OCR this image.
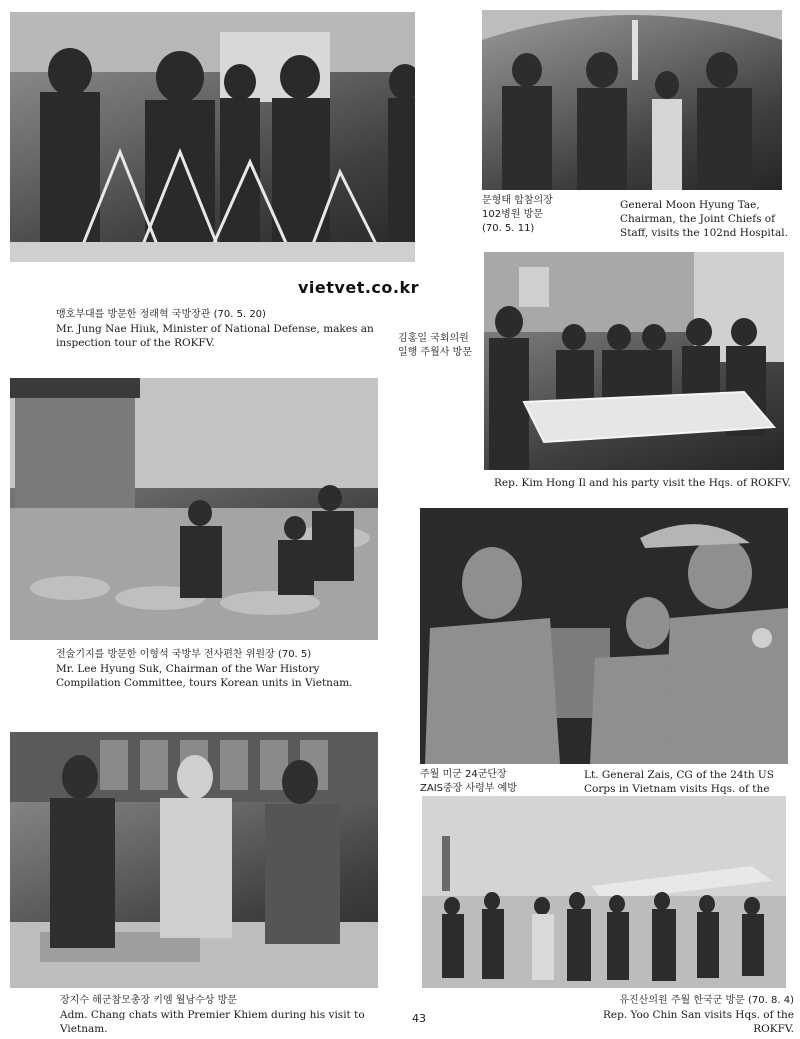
vietvet.co.kr

맹호부대를 방문한 정래혁 국방장관 (70. 5. 20)

Mr. Jung Nae Hiuk, Minister of National Defense, makes an inspection tour of the ROKFV.

문형태 합참의장

102병원 방문

(70. 5. 11)

General Moon Hyung Tae, Chairman, the Joint Chiefs of Staff, visits the 102nd Hospital.

김홍일 국회의원

일행 주월사 방문

Rep. Kim Hong Il and his party visit the Hqs. of ROKFV.

전술기지를 방문한 이형석 국방부 전사편찬 위원장 (70. 5)

Mr. Lee Hyung Suk, Chairman of the War History Compilation Committee, tours Korean units in Vietnam.

주월 미군 24군단장

ZAIS중장 사령부 예방

Lt. General Zais, CG of the 24th US Corps in Vietnam visits Hqs. of the

장지수 해군참모총장 키엠 월남수상 방문

Adm. Chang chats with Premier Khiem during his visit to Vietnam.

유진산의원 주월 한국군 방문 (70. 8. 4)

Rep. Yoo Chin San visits Hqs. of the ROKFV.

43
